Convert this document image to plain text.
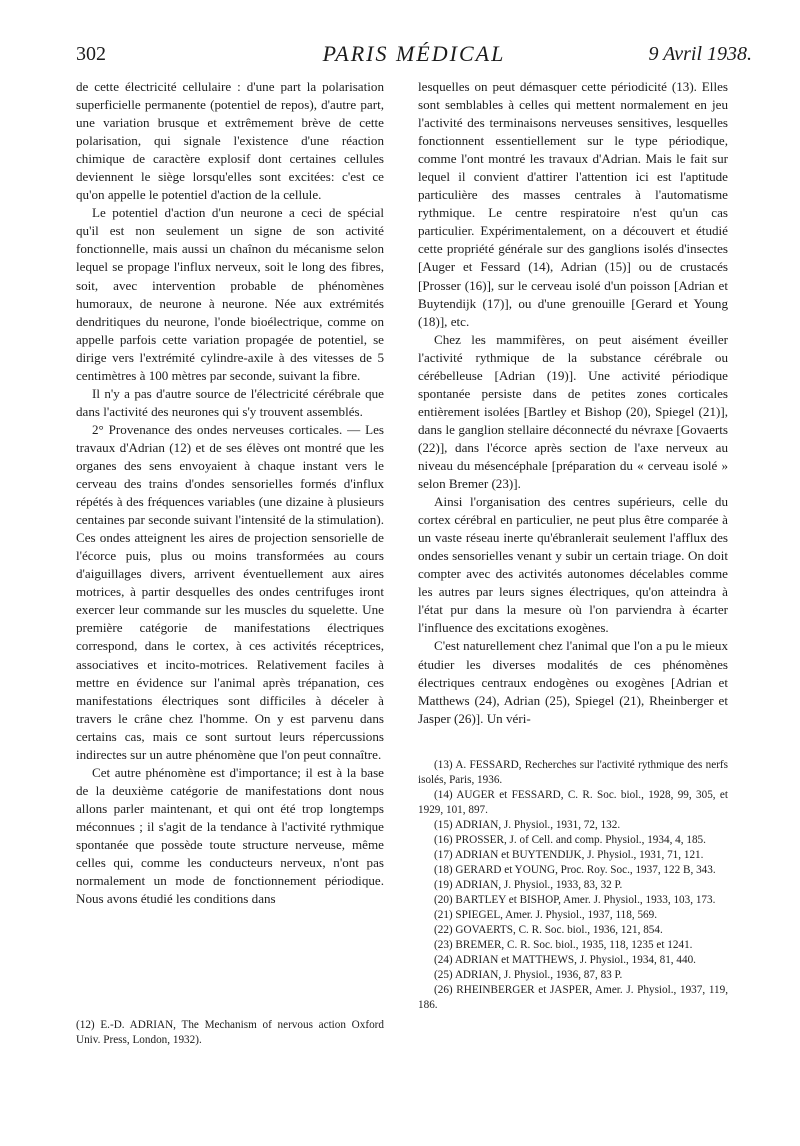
302	PARIS MÉDICAL	9 Avril 1938.

de cette électricité cellulaire : d'une part la polarisation superficielle permanente (potentiel de repos), d'autre part, une variation brusque et extrêmement brève de cette polarisation, qui signale l'existence d'une réaction chimique de caractère explosif dont certaines cellules deviennent le siège lorsqu'elles sont excitées: c'est ce qu'on appelle le potentiel d'action de la cellule.

Le potentiel d'action d'un neurone a ceci de spécial qu'il est non seulement un signe de son activité fonctionnelle, mais aussi un chaînon du mécanisme selon lequel se propage l'influx nerveux, soit le long des fibres, soit, avec intervention probable de phénomènes humoraux, de neurone à neurone. Née aux extrémités dendritiques du neurone, l'onde bioélectrique, comme on appelle parfois cette variation propagée de potentiel, se dirige vers l'extrémité cylindre-axile à des vitesses de 5 centimètres à 100 mètres par seconde, suivant la fibre.

Il n'y a pas d'autre source de l'électricité cérébrale que dans l'activité des neurones qui s'y trouvent assemblés.

2° Provenance des ondes nerveuses corticales. — Les travaux d'Adrian (12) et de ses élèves ont montré que les organes des sens envoyaient à chaque instant vers le cerveau des trains d'ondes sensorielles formés d'influx répétés à des fréquences variables (une dizaine à plusieurs centaines par seconde suivant l'intensité de la stimulation). Ces ondes atteignent les aires de projection sensorielle de l'écorce puis, plus ou moins transformées au cours d'aiguillages divers, arrivent éventuellement aux aires motrices, à partir desquelles des ondes centrifuges iront exercer leur commande sur les muscles du squelette. Une première catégorie de manifestations électriques correspond, dans le cortex, à ces activités réceptrices, associatives et incito-motrices. Relativement faciles à mettre en évidence sur l'animal après trépanation, ces manifestations électriques sont difficiles à déceler à travers le crâne chez l'homme. On y est parvenu dans certains cas, mais ce sont surtout leurs répercussions indirectes sur un autre phénomène que l'on peut connaître.

Cet autre phénomène est d'importance; il est à la base de la deuxième catégorie de manifestations dont nous allons parler maintenant, et qui ont été trop longtemps méconnues ; il s'agit de la tendance à l'activité rythmique spontanée que possède toute structure nerveuse, même celles qui, comme les conducteurs nerveux, n'ont pas normalement un mode de fonctionnement périodique. Nous avons étudié les conditions dans

(12) E.-D. ADRIAN, The Mechanism of nervous action Oxford Univ. Press, London, 1932).

lesquelles on peut démasquer cette périodicité (13). Elles sont semblables à celles qui mettent normalement en jeu l'activité des terminaisons nerveuses sensitives, lesquelles fonctionnent essentiellement sur le type périodique, comme l'ont montré les travaux d'Adrian. Mais le fait sur lequel il convient d'attirer l'attention ici est l'aptitude particulière des masses centrales à l'automatisme rythmique. Le centre respiratoire n'est qu'un cas particulier. Expérimentalement, on a découvert et étudié cette propriété générale sur des ganglions isolés d'insectes [Auger et Fessard (14), Adrian (15)] ou de crustacés [Prosser (16)], sur le cerveau isolé d'un poisson [Adrian et Buytendijk (17)], ou d'une grenouille [Gerard et Young (18)], etc.

Chez les mammifères, on peut aisément éveiller l'activité rythmique de la substance cérébrale ou cérébelleuse [Adrian (19)]. Une activité périodique spontanée persiste dans de petites zones corticales entièrement isolées [Bartley et Bishop (20), Spiegel (21)], dans le ganglion stellaire déconnecté du névraxe [Govaerts (22)], dans l'écorce après section de l'axe nerveux au niveau du mésencéphale [préparation du « cerveau isolé » selon Bremer (23)].

Ainsi l'organisation des centres supérieurs, celle du cortex cérébral en particulier, ne peut plus être comparée à un vaste réseau inerte qu'ébranlerait seulement l'afflux des ondes sensorielles venant y subir un certain triage. On doit compter avec des activités autonomes décelables comme les autres par leurs signes électriques, qu'on atteindra à l'état pur dans la mesure où l'on parviendra à écarter l'influence des excitations exogènes.

C'est naturellement chez l'animal que l'on a pu le mieux étudier les diverses modalités de ces phénomènes électriques centraux endogènes ou exogènes [Adrian et Matthews (24), Adrian (25), Spiegel (21), Rheinberger et Jasper (26)]. Un véri-

(13) A. FESSARD, Recherches sur l'activité rythmique des nerfs isolés, Paris, 1936.
(14) AUGER et FESSARD, C. R. Soc. biol., 1928, 99, 305, et 1929, 101, 897.
(15) ADRIAN, J. Physiol., 1931, 72, 132.
(16) PROSSER, J. of Cell. and comp. Physiol., 1934, 4, 185.
(17) ADRIAN et BUYTENDIJK, J. Physiol., 1931, 71, 121.
(18) GERARD et YOUNG, Proc. Roy. Soc., 1937, 122 B, 343.
(19) ADRIAN, J. Physiol., 1933, 83, 32 P.
(20) BARTLEY et BISHOP, Amer. J. Physiol., 1933, 103, 173.
(21) SPIEGEL, Amer. J. Physiol., 1937, 118, 569.
(22) GOVAERTS, C. R. Soc. biol., 1936, 121, 854.
(23) BREMER, C. R. Soc. biol., 1935, 118, 1235 et 1241.
(24) ADRIAN et MATTHEWS, J. Physiol., 1934, 81, 440.
(25) ADRIAN, J. Physiol., 1936, 87, 83 P.
(26) RHEINBERGER et JASPER, Amer. J. Physiol., 1937, 119, 186.
